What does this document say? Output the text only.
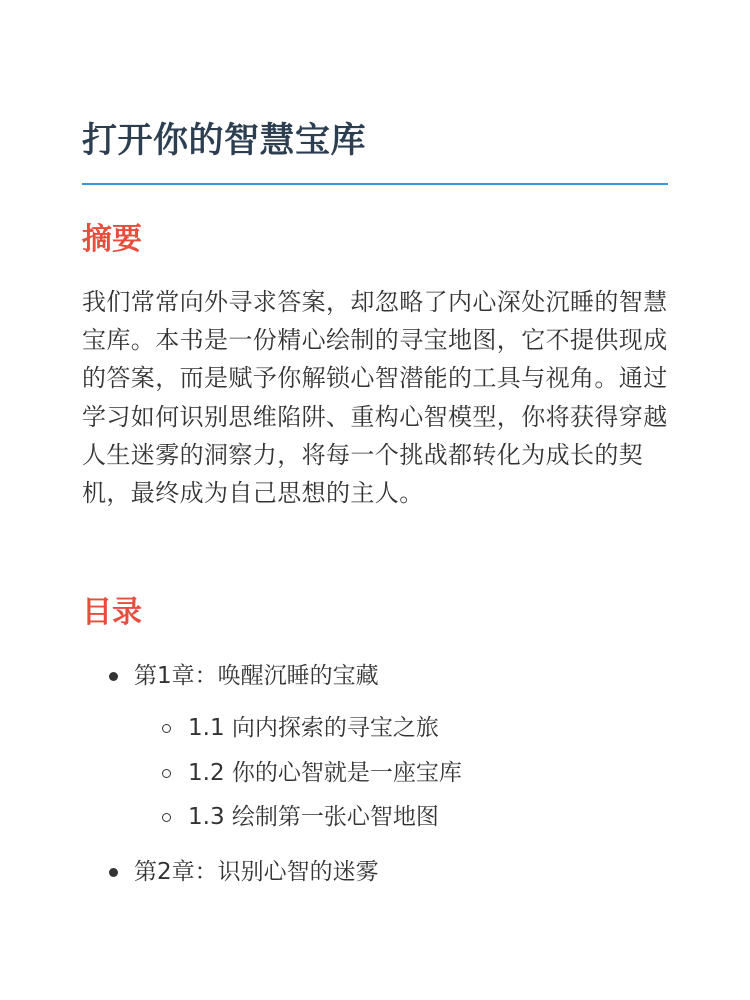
打开你的智慧宝库
摘要

我们常常向外寻求答案，却忽略了内心深处沉睡的智慧宝库。本书是一份精心绘制的寻宝地图，它不提供现成的答案，而是赋予你解锁心智潜能的工具与视角。通过学习如何识别思维陷阱、重构心智模型，你将获得穿越人生迷雾的洞察力，将每一个挑战都转化为成长的契机，最终成为自己思想的主人。

目录
第1章：唤醒沉睡的宝藏
1.1 向内探索的寻宝之旅
1.2 你的心智就是一座宝库
1.3 绘制第一张心智地图
第2章：识别心智的迷雾
